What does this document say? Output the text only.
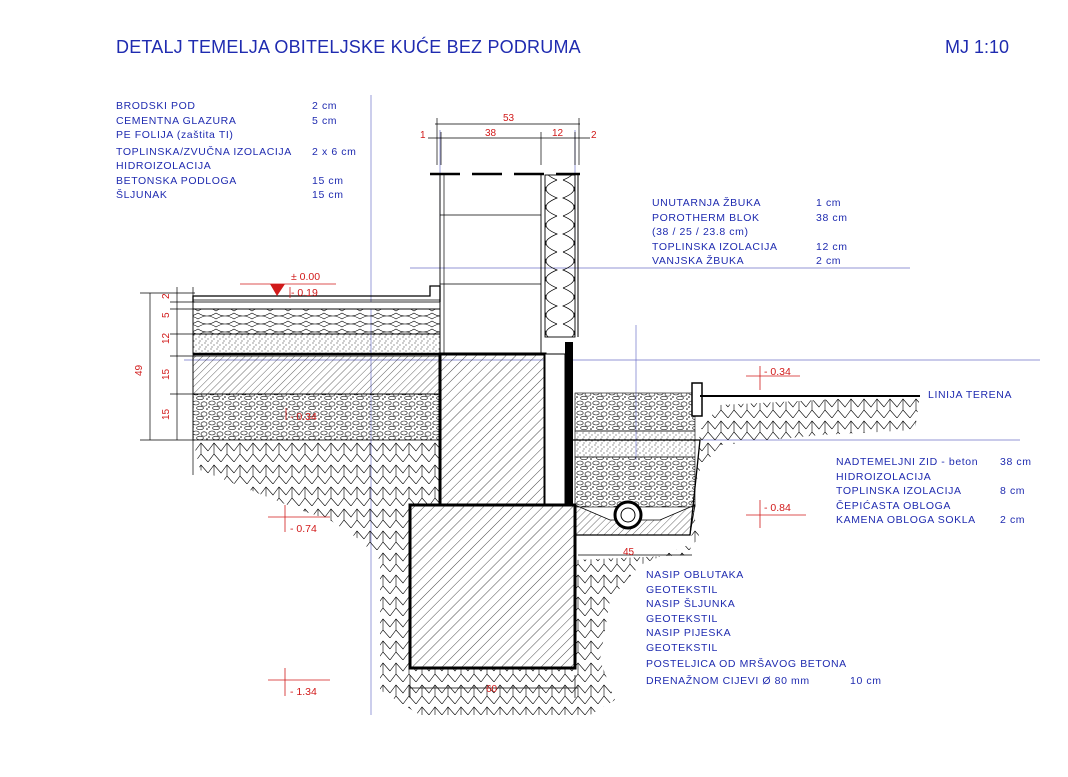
DETALJ TEMELJA OBITELJSKE KUĆE BEZ PODRUMA	MJ 1:10
BRODSKI POD	2 cm
CEMENTNA GLAZURA	5 cm
PE FOLIJA (zaštita TI)
TOPLINSKA/ZVUČNA IZOLACIJA 2 x 6 cm
HIDROIZOLACIJA
BETONSKA PODLOGA	15 cm
ŠLJUNAK	15 cm
UNUTARNJA ŽBUKA	1 cm
POROTHERM BLOK	38 cm
(38 / 25 / 23.8 cm)
TOPLINSKA IZOLACIJA	12 cm
VANJSKA ŽBUKA	2 cm
NADTEMELJNI ZID - beton 38 cm
HIDROIZOLACIJA
TOPLINSKA IZOLACIJA	8 cm
ČEPIĆASTA OBLOGA
KAMENA OBLOGA SOKLA 2 cm
NASIP OBLUTAKA
GEOTEKSTIL
NASIP ŠLJUNKA
GEOTEKSTIL
NASIP PIJESKA
GEOTEKSTIL
POSTELJICA OD MRŠAVOG BETONA
DRENAŽNOM CIJEVI Ø 80 mm	10 cm
49
2
5
12
15
15
53
1	38	12	2
± 0.00
- 0.19
- 0.34
- 0.34
- 0.74
- 0.84
- 1.34	60
45
LINIJA TERENA
